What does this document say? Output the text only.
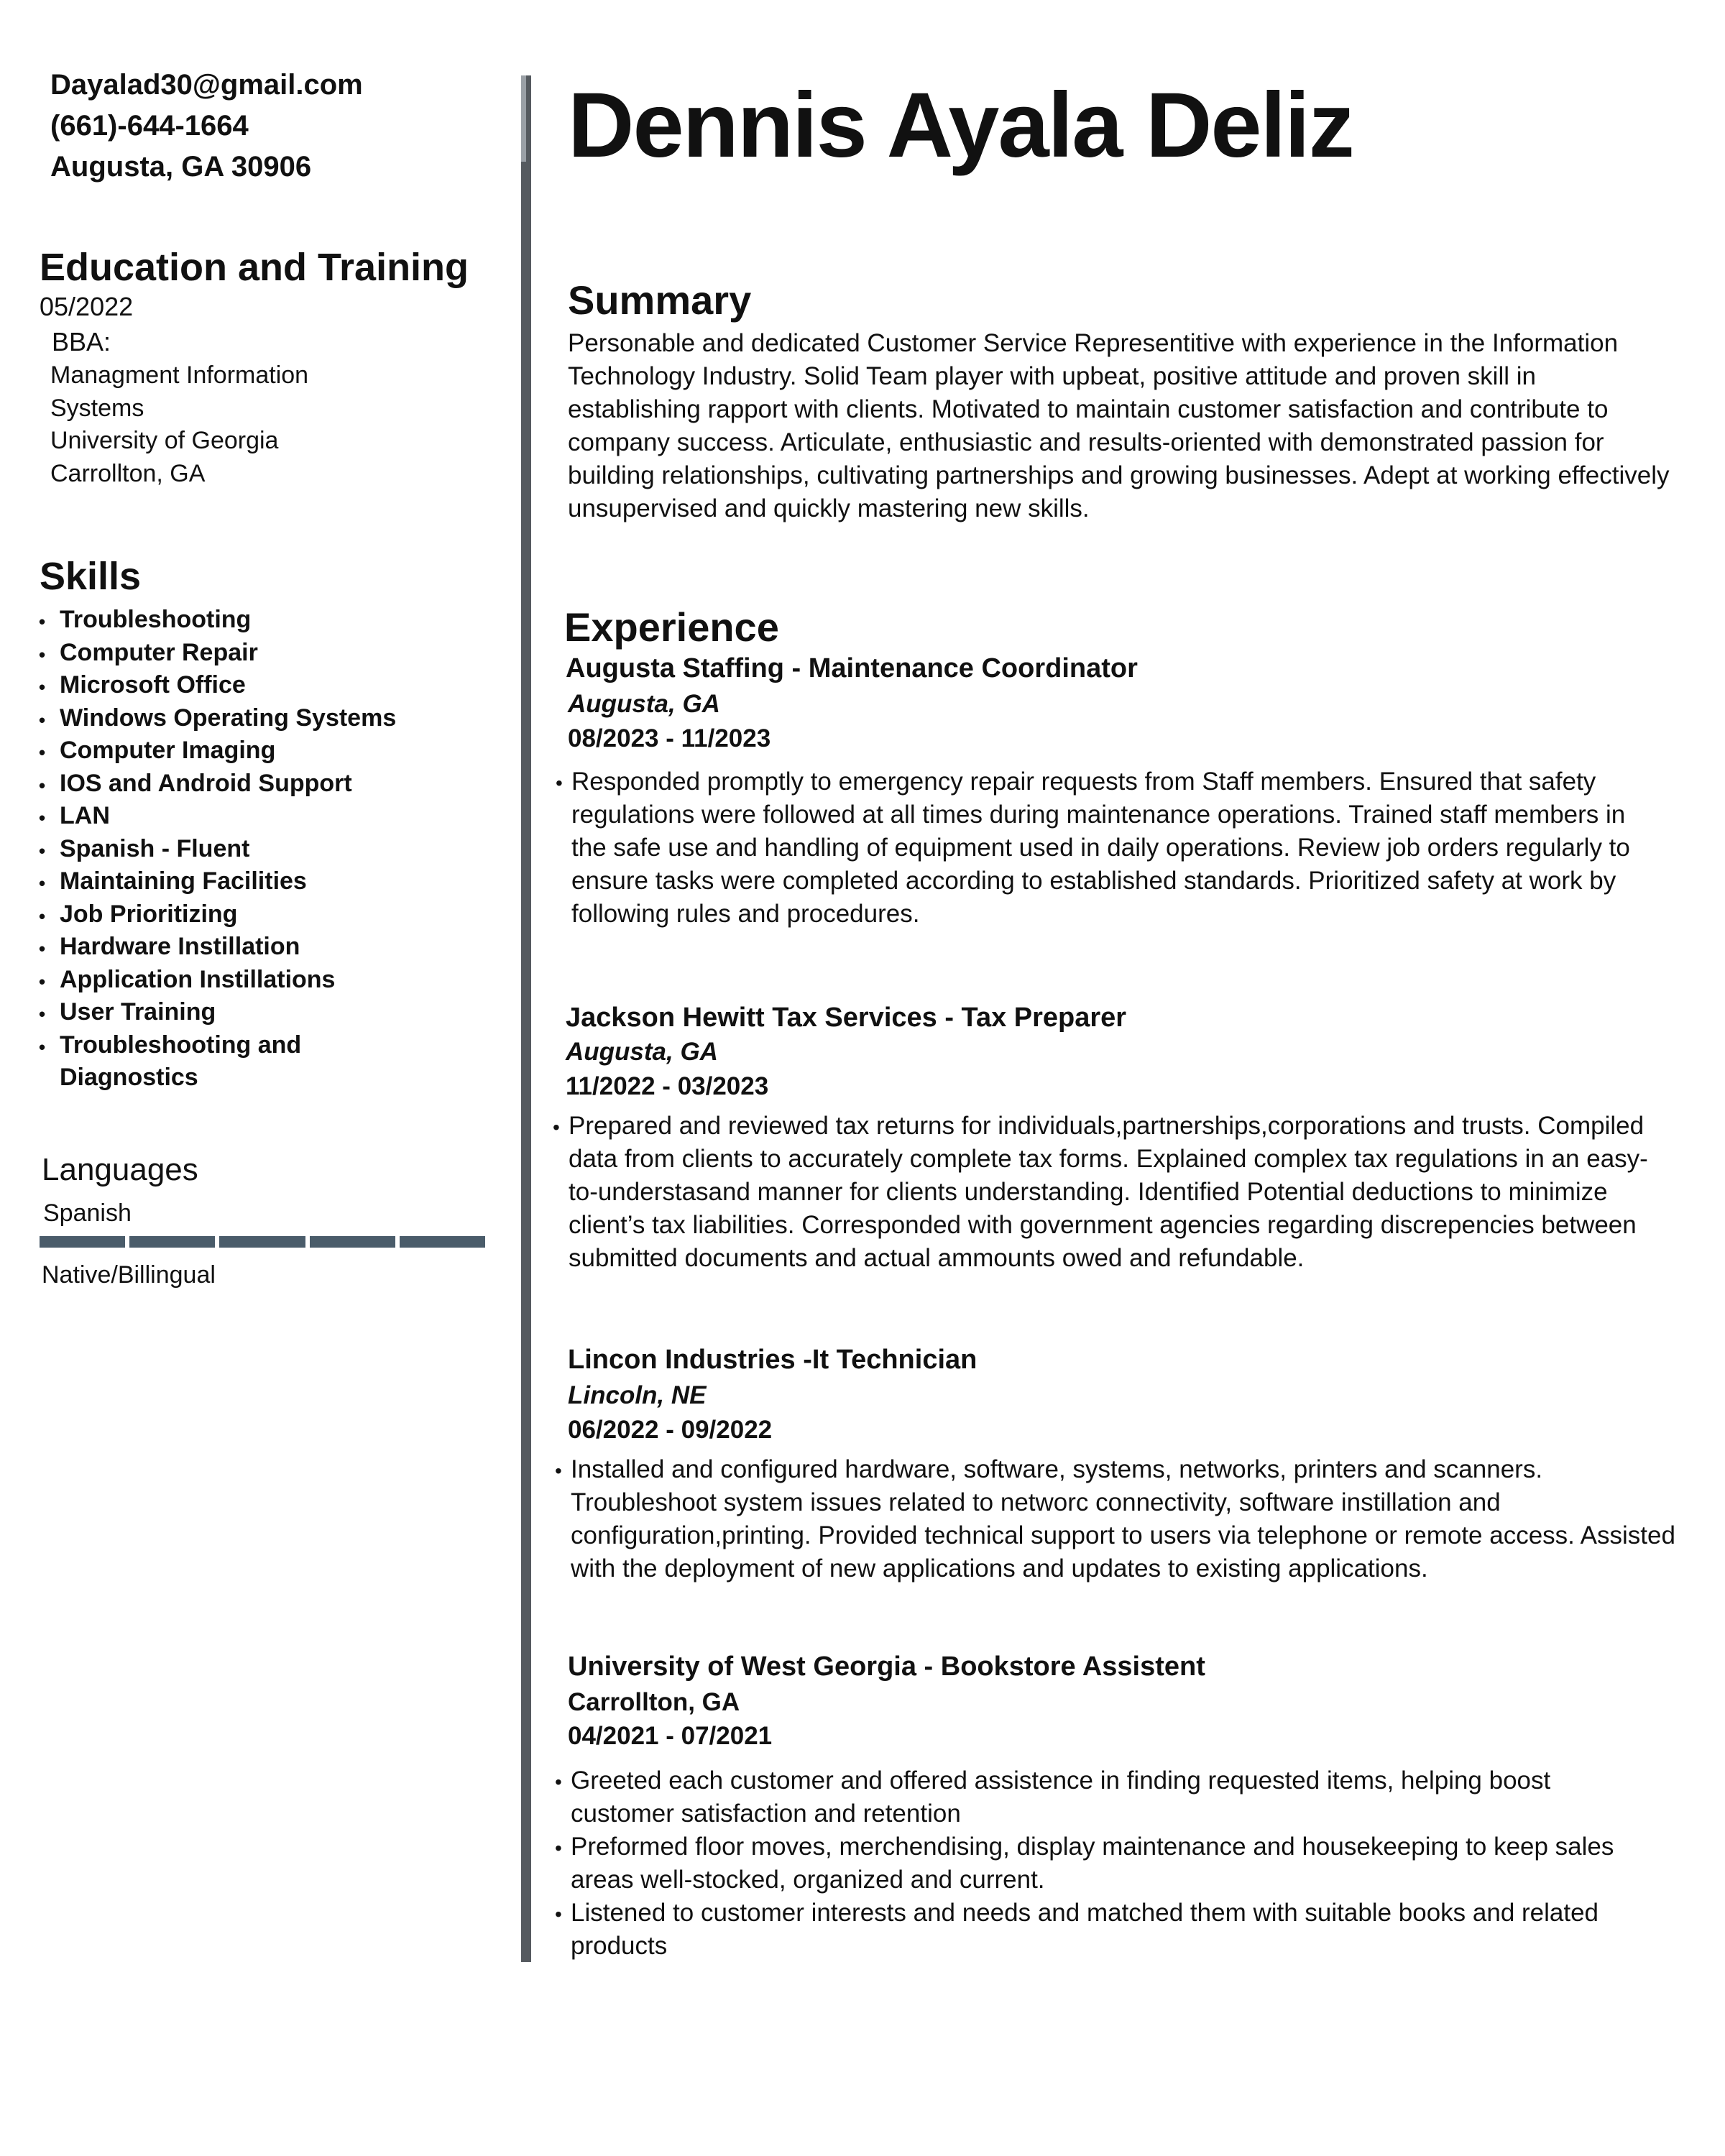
Dayalad30@gmail.com
(661)-644-1664
Augusta, GA 30906
Education and Training
05/2022
BBA:
Managment Information
Systems
University of Georgia
Carrollton, GA
Skills
• Troubleshooting
• Computer Repair
• Microsoft Office
• Windows Operating Systems
• Computer Imaging
• IOS and Android Support
• LAN
• Spanish - Fluent
• Maintaining Facilities
• Job Prioritizing
• Hardware Instillation
• Application Instillations
• User Training
• Troubleshooting and Diagnostics
Languages
Spanish
Native/Billingual
Dennis Ayala Deliz
Summary
Personable and dedicated Customer Service Representitive with experience in the Information Technology Industry. Solid Team player with upbeat, positive attitude and proven skill in establishing rapport with clients. Motivated to maintain customer satisfaction and contribute to company success. Articulate, enthusiastic and results-oriented with demonstrated passion for building relationships, cultivating partnerships and growing businesses. Adept at working effectively unsupervised and quickly mastering new skills.
Experience
Augusta Staffing - Maintenance Coordinator
Augusta, GA
08/2023 - 11/2023
• Responded promptly to emergency repair requests from Staff members. Ensured that safety regulations were followed at all times during maintenance operations. Trained staff members in the safe use and handling of equipment used in daily operations. Review job orders regularly to ensure tasks were completed according to established standards. Prioritized safety at work by following rules and procedures.
Jackson Hewitt Tax Services - Tax Preparer
Augusta, GA
11/2022 - 03/2023
• Prepared and reviewed tax returns for individuals,partnerships,corporations and trusts. Compiled data from clients to accurately complete tax forms. Explained complex tax regulations in an easy-to-understasand manner for clients understanding. Identified Potential deductions to minimize client’s tax liabilities. Corresponded with government agencies regarding discrepencies between submitted documents and actual ammounts owed and refundable.
Lincon Industries -It Technician
Lincoln, NE
06/2022 - 09/2022
• Installed and configured hardware, software, systems, networks, printers and scanners. Troubleshoot system issues related to networc connectivity, software instillation and configuration,printing. Provided technical support to users via telephone or remote access. Assisted with the deployment of new applications and updates to existing applications.
University of West Georgia - Bookstore Assistent
Carrollton, GA
04/2021 - 07/2021
• Greeted each customer and offered assistence in finding requested items, helping boost customer satisfaction and retention
• Preformed floor moves, merchendising, display maintenance and housekeeping to keep sales areas well-stocked, organized and current.
• Listened to customer interests and needs and matched them with suitable books and related products
